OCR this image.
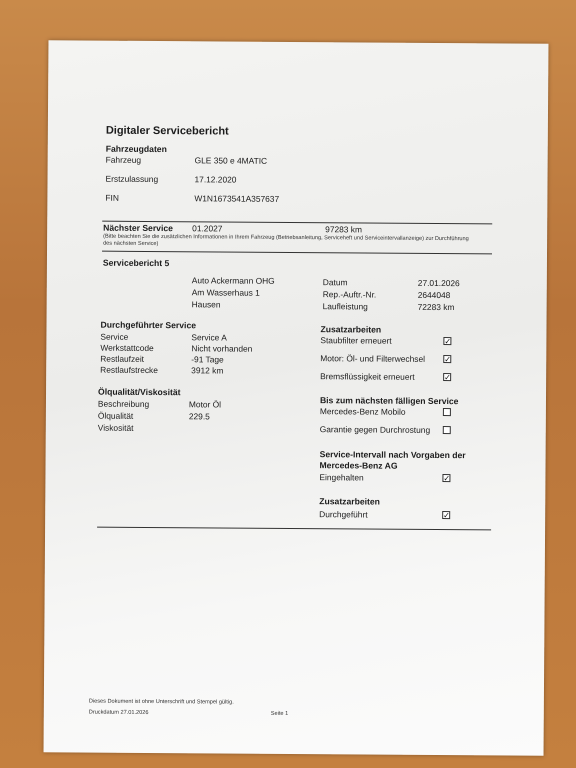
Digitaler Servicebericht
Fahrzeugdaten
Fahrzeug	GLE 350 e 4MATIC
Erstzulassung	17.12.2020
FIN	W1N1673541A357637
Nächster Service 01.2027	97283 km
(Bitte beachten Sie die zusätzlichen Informationen in Ihrem Fahrzeug (Betriebsanleitung, Serviceheft und Serviceintervallanzeige) zur Durchführung des nächsten Service)
Servicebericht 5
Auto Ackermann OHG
Am Wasserhaus 1
Hausen
Datum	27.01.2026
Rep.-Auftr.-Nr.	2644048
Laufleistung	72283 km
Durchgeführter Service
Service	Service A
Werkstattcode	Nicht vorhanden
Restlaufzeit	-91 Tage
Restlaufstrecke	3912 km
Ölqualität/Viskosität
Beschreibung	Motor Öl
Ölqualität	229.5
Viskosität
Zusatzarbeiten
Staubfilter erneuert	✓
Motor: Öl- und Filterwechsel ✓
Bremsflüssigkeit erneuert	✓
Bis zum nächsten fälligen Service
Mercedes-Benz Mobilo
Garantie gegen Durchrostung
Service-Intervall nach Vorgaben der
Mercedes-Benz AG
Eingehalten	✓
Zusatzarbeiten
Durchgeführt	✓
Dieses Dokument ist ohne Unterschrift und Stempel gültig.
Druckdatum 27.01.2026	Seite 1
